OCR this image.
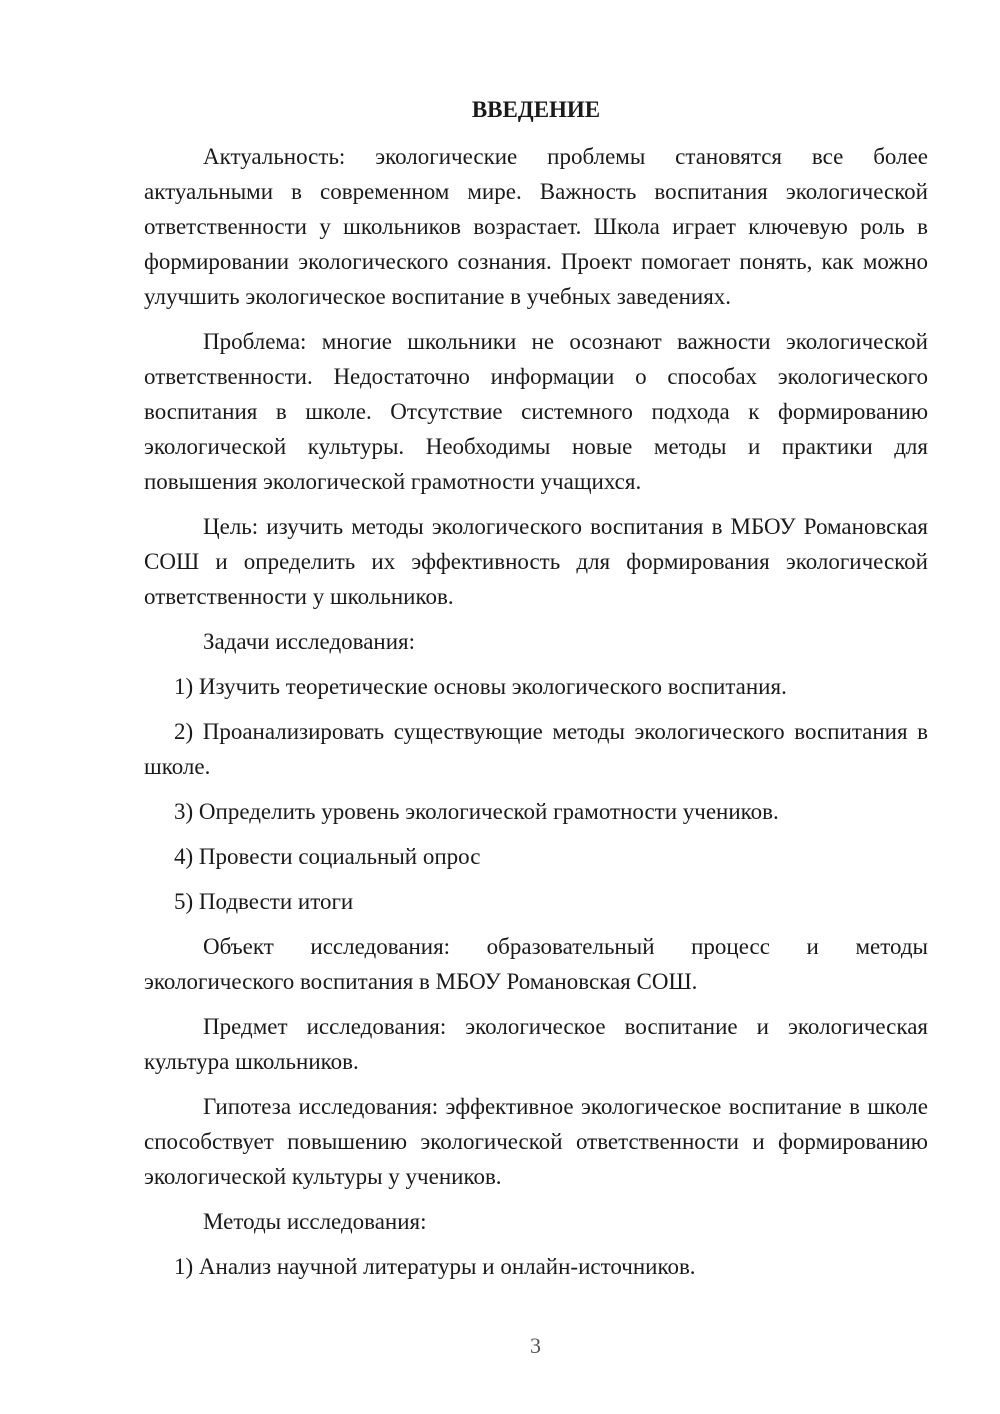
ВВЕДЕНИЕ

Актуальность: экологические проблемы становятся все более актуальными в современном мире. Важность воспитания экологической ответственности у школьников возрастает. Школа играет ключевую роль в формировании экологического сознания. Проект помогает понять, как можно улучшить экологическое воспитание в учебных заведениях.

Проблема: многие школьники не осознают важности экологической ответственности. Недостаточно информации о способах экологического воспитания в школе. Отсутствие системного подхода к формированию экологической культуры. Необходимы новые методы и практики для повышения экологической грамотности учащихся.

Цель: изучить методы экологического воспитания в МБОУ Романовская СОШ и определить их эффективность для формирования экологической ответственности у школьников.

Задачи исследования:

1) Изучить теоретические основы экологического воспитания.

2) Проанализировать существующие методы экологического воспитания в школе.

3) Определить уровень экологической грамотности учеников.

4) Провести социальный опрос

5) Подвести итоги

Объект исследования: образовательный процесс и методы экологического воспитания в МБОУ Романовская СОШ.

Предмет исследования: экологическое воспитание и экологическая культура школьников.

Гипотеза исследования: эффективное экологическое воспитание в школе способствует повышению экологической ответственности и формированию экологической культуры у учеников.

Методы исследования:

1) Анализ научной литературы и онлайн-источников.

3
